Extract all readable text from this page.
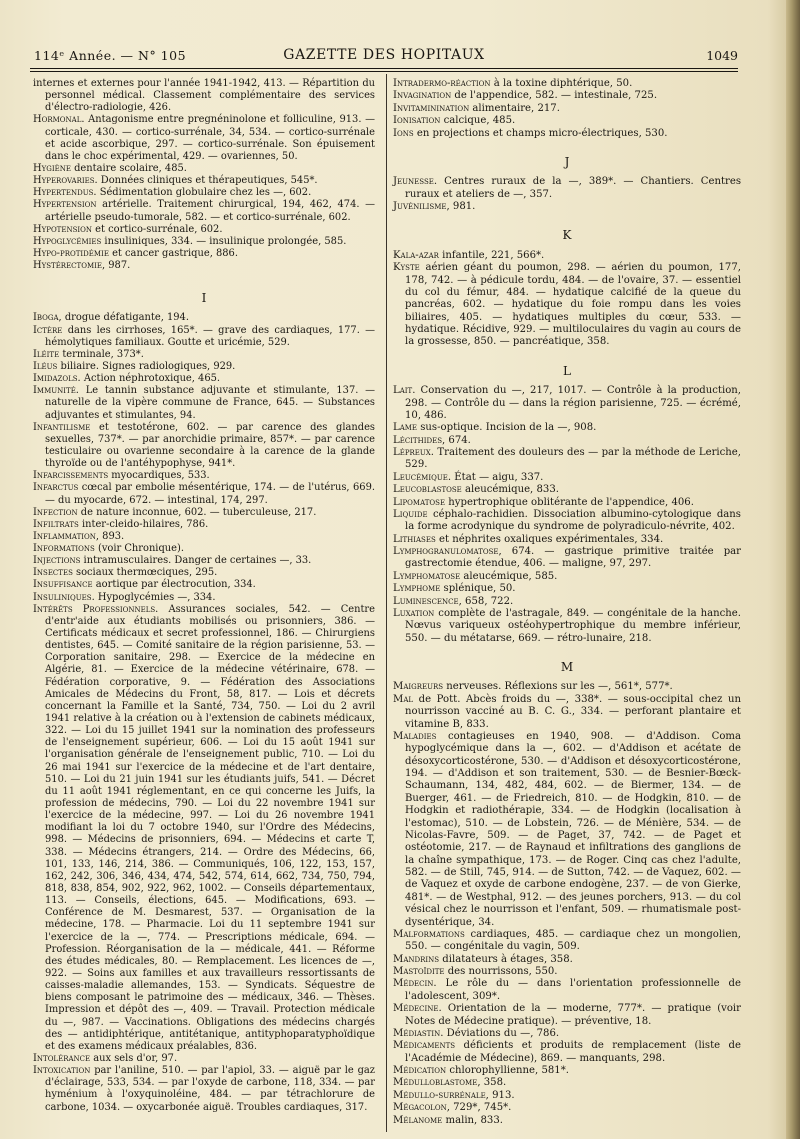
114ᵉ Année. — N° 105	GAZETTE DES HOPITAUX	1049

internes et externes pour l'année 1941-1942, 413. — Répartition du personnel médical. Classement complémentaire des services d'électro-radiologie, 426.

Hormonal. Antagonisme entre pregnéninolone et folliculine, 913. — corticale, 430. — cortico-surrénale, 34, 534. — cortico-surrénale et acide ascorbique, 297. — cortico-surrénale. Son épuisement dans le choc expérimental, 429. — ovariennes, 50.

Hygiène dentaire scolaire, 485.

Hyperovaries. Données cliniques et thérapeutiques, 545*.

Hypertendus. Sédimentation globulaire chez les —, 602.

Hypertension artérielle. Traitement chirurgical, 194, 462, 474. — artérielle pseudo-tumorale, 582. — et cortico-surrénale, 602.

Hypotension et cortico-surrénale, 602.

Hypoglycémies insuliniques, 334. — insulinique prolongée, 585.

Hypo-protidémie et cancer gastrique, 886.

Hystérectomie, 987.

I

Iboga, drogue défatigante, 194.

Ictère dans les cirrhoses, 165*. — grave des cardiaques, 177. — hémolytiques familiaux. Goutte et uricémie, 529.

Iléite terminale, 373*.

Iléus biliaire. Signes radiologiques, 929.

Imidazols. Action néphrotoxique, 465.

Immunité. Le tannin substance adjuvante et stimulante, 137. — naturelle de la vipère commune de France, 645. — Substances adjuvantes et stimulantes, 94.

Infantilisme et testotérone, 602. — par carence des glandes sexuelles, 737*. — par anorchidie primaire, 857*. — par carence testiculaire ou ovarienne secondaire à la carence de la glande thyroïde ou de l'antéhypophyse, 941*.

Infarcissements myocardiques, 533.

Infarctus cœcal par embolie mésentérique, 174. — de l'utérus, 669. — du myocarde, 672. — intestinal, 174, 297.

Infection de nature inconnue, 602. — tuberculeuse, 217.

Infiltrats inter-cleido-hilaires, 786.

Inflammation, 893.

Informations (voir Chronique).

Injections intramusculaires. Danger de certaines —, 33.

Insectes sociaux thermœciques, 295.

Insuffisance aortique par électrocution, 334.

Insuliniques. Hypoglycémies —, 334.

Intérêts Professionnels. Assurances sociales, 542. — Centre d'entr'aide aux étudiants mobilisés ou prisonniers, 386. — Certificats médicaux et secret professionnel, 186. — Chirurgiens dentistes, 645. — Comité sanitaire de la région parisienne, 53. — Corporation sanitaire, 298. — Exercice de la médecine en Algérie, 81. — Exercice de la médecine vétérinaire, 678. — Fédération corporative, 9. — Fédération des Associations Amicales de Médecins du Front, 58, 817. — Lois et décrets concernant la Famille et la Santé, 734, 750. — Loi du 2 avril 1941 relative à la création ou à l'extension de cabinets médicaux, 322. — Loi du 15 juillet 1941 sur la nomination des professeurs de l'enseignement supérieur, 606. — Loi du 15 août 1941 sur l'organisation générale de l'enseignement public, 710. — Loi du 26 mai 1941 sur l'exercice de la médecine et de l'art dentaire, 510. — Loi du 21 juin 1941 sur les étudiants juifs, 541. — Décret du 11 août 1941 réglementant, en ce qui concerne les Juifs, la profession de médecins, 790. — Loi du 22 novembre 1941 sur l'exercice de la médecine, 997. — Loi du 26 novembre 1941 modifiant la loi du 7 octobre 1940, sur l'Ordre des Médecins, 998. — Médecins de prisonniers, 694. — Médecins et carte T, 338. — Médecins étrangers, 214. — Ordre des Médecins, 66, 101, 133, 146, 214, 386. — Communiqués, 106, 122, 153, 157, 162, 242, 306, 346, 434, 474, 542, 574, 614, 662, 734, 750, 794, 818, 838, 854, 902, 922, 962, 1002. — Conseils départementaux, 113. — Conseils, élections, 645. — Modifications, 693. — Conférence de M. Desmarest, 537. — Organisation de la médecine, 178. — Pharmacie. Loi du 11 septembre 1941 sur l'exercice de la —, 774. — Prescriptions médicale, 694. — Profession. Réorganisation de la — médicale, 441. — Réforme des études médicales, 80. — Remplacement. Les licences de —, 922. — Soins aux familles et aux travailleurs ressortissants de caisses-maladie allemandes, 153. — Syndicats. Séquestre de biens composant le patrimoine des — médicaux, 346. — Thèses. Impression et dépôt des —, 409. — Travail. Protection médicale du —, 987. — Vaccinations. Obligations des médecins chargés des — antidiphtérique, antitétanique, antityphoparatyphoïdique et des examens médicaux préalables, 836.

Intolérance aux sels d'or, 97.

Intoxication par l'aniline, 510. — par l'apiol, 33. — aiguë par le gaz d'éclairage, 533, 534. — par l'oxyde de carbone, 118, 334. — par hyménium à l'oxyquinoléine, 484. — par tétrachlorure de carbone, 1034. — oxycarbonée aiguë. Troubles cardiaques, 317.

Intradermo-réaction à la toxine diphtérique, 50.

Invagination de l'appendice, 582. — intestinale, 725.

Invitaminination alimentaire, 217.

Ionisation calcique, 485.

Ions en projections et champs micro-électriques, 530.

J

Jeunesse. Centres ruraux de la —, 389*. — Chantiers. Centres ruraux et ateliers de —, 357.

Juvénilisme, 981.

K

Kala-azar infantile, 221, 566*.

Kyste aérien géant du poumon, 298. — aérien du poumon, 177, 178, 742. — à pédicule tordu, 484. — de l'ovaire, 37. — essentiel du col du fémur, 484. — hydatique calcifié de la queue du pancréas, 602. — hydatique du foie rompu dans les voies biliaires, 405. — hydatiques multiples du cœur, 533. — hydatique. Récidive, 929. — multiloculaires du vagin au cours de la grossesse, 850. — pancréatique, 358.

L

Lait. Conservation du —, 217, 1017. — Contrôle à la production, 298. — Contrôle du — dans la région parisienne, 725. — écrémé, 10, 486.

Lame sus-optique. Incision de la —, 908.

Lécithides, 674.

Lépreux. Traitement des douleurs des — par la méthode de Leriche, 529.

Leucémique. État — aigu, 337.

Leucoblastose aleucémique, 833.

Lipomatose hypertrophique oblitérante de l'appendice, 406.

Liquide céphalo-rachidien. Dissociation albumino-cytologique dans la forme acrodynique du syndrome de polyradiculo-névrite, 402.

Lithiases et néphrites oxaliques expérimentales, 334.

Lymphogranulomatose, 674. — gastrique primitive traitée par gastrectomie étendue, 406. — maligne, 97, 297.

Lymphomatose aleucémique, 585.

Lymphome splénique, 50.

Luminescence, 658, 722.

Luxation complète de l'astragale, 849. — congénitale de la hanche. Nœvus variqueux ostéohypertrophique du membre inférieur, 550. — du métatarse, 669. — rétro-lunaire, 218.

M

Maigreurs nerveuses. Réflexions sur les —, 561*, 577*.

Mal de Pott. Abcès froids du —, 338*. — sous-occipital chez un nourrisson vacciné au B. C. G., 334. — perforant plantaire et vitamine B, 833.

Maladies contagieuses en 1940, 908. — d'Addison. Coma hypoglycémique dans la —, 602. — d'Addison et acétate de désoxycorticostérone, 530. — d'Addison et désoxycorticostérone, 194. — d'Addison et son traitement, 530. — de Besnier-Bœck-Schaumann, 134, 482, 484, 602. — de Biermer, 134. — de Buerger, 461. — de Friedreich, 810. — de Hodgkin, 810. — de Hodgkin et radiothérapie, 334. — de Hodgkin (localisation à l'estomac), 510. — de Lobstein, 726. — de Ménière, 534. — de Nicolas-Favre, 509. — de Paget, 37, 742. — de Paget et ostéotomie, 217. — de Raynaud et infiltrations des ganglions de la chaîne sympathique, 173. — de Roger. Cinq cas chez l'adulte, 582. — de Still, 745, 914. — de Sutton, 742. — de Vaquez, 602. — de Vaquez et oxyde de carbone endogène, 237. — de von Gierke, 481*. — de Westphal, 912. — des jeunes porchers, 913. — du col vésical chez le nourrisson et l'enfant, 509. — rhumatismale post-dysentérique, 34.

Malformations cardiaques, 485. — cardiaque chez un mongolien, 550. — congénitale du vagin, 509.

Mandrins dilatateurs à étages, 358.

Mastoïdite des nourrissons, 550.

Médecin. Le rôle du — dans l'orientation professionnelle de l'adolescent, 309*.

Médecine. Orientation de la — moderne, 777*. — pratique (voir Notes de Médecine pratique). — préventive, 18.

Médiastin. Déviations du —, 786.

Médicaments déficients et produits de remplacement (liste de l'Académie de Médecine), 869. — manquants, 298.

Médication chlorophyllienne, 581*.

Médulloblastome, 358.

Médullo-surrénale, 913.

Mégacolon, 729*, 745*.

Mélanome malin, 833.
